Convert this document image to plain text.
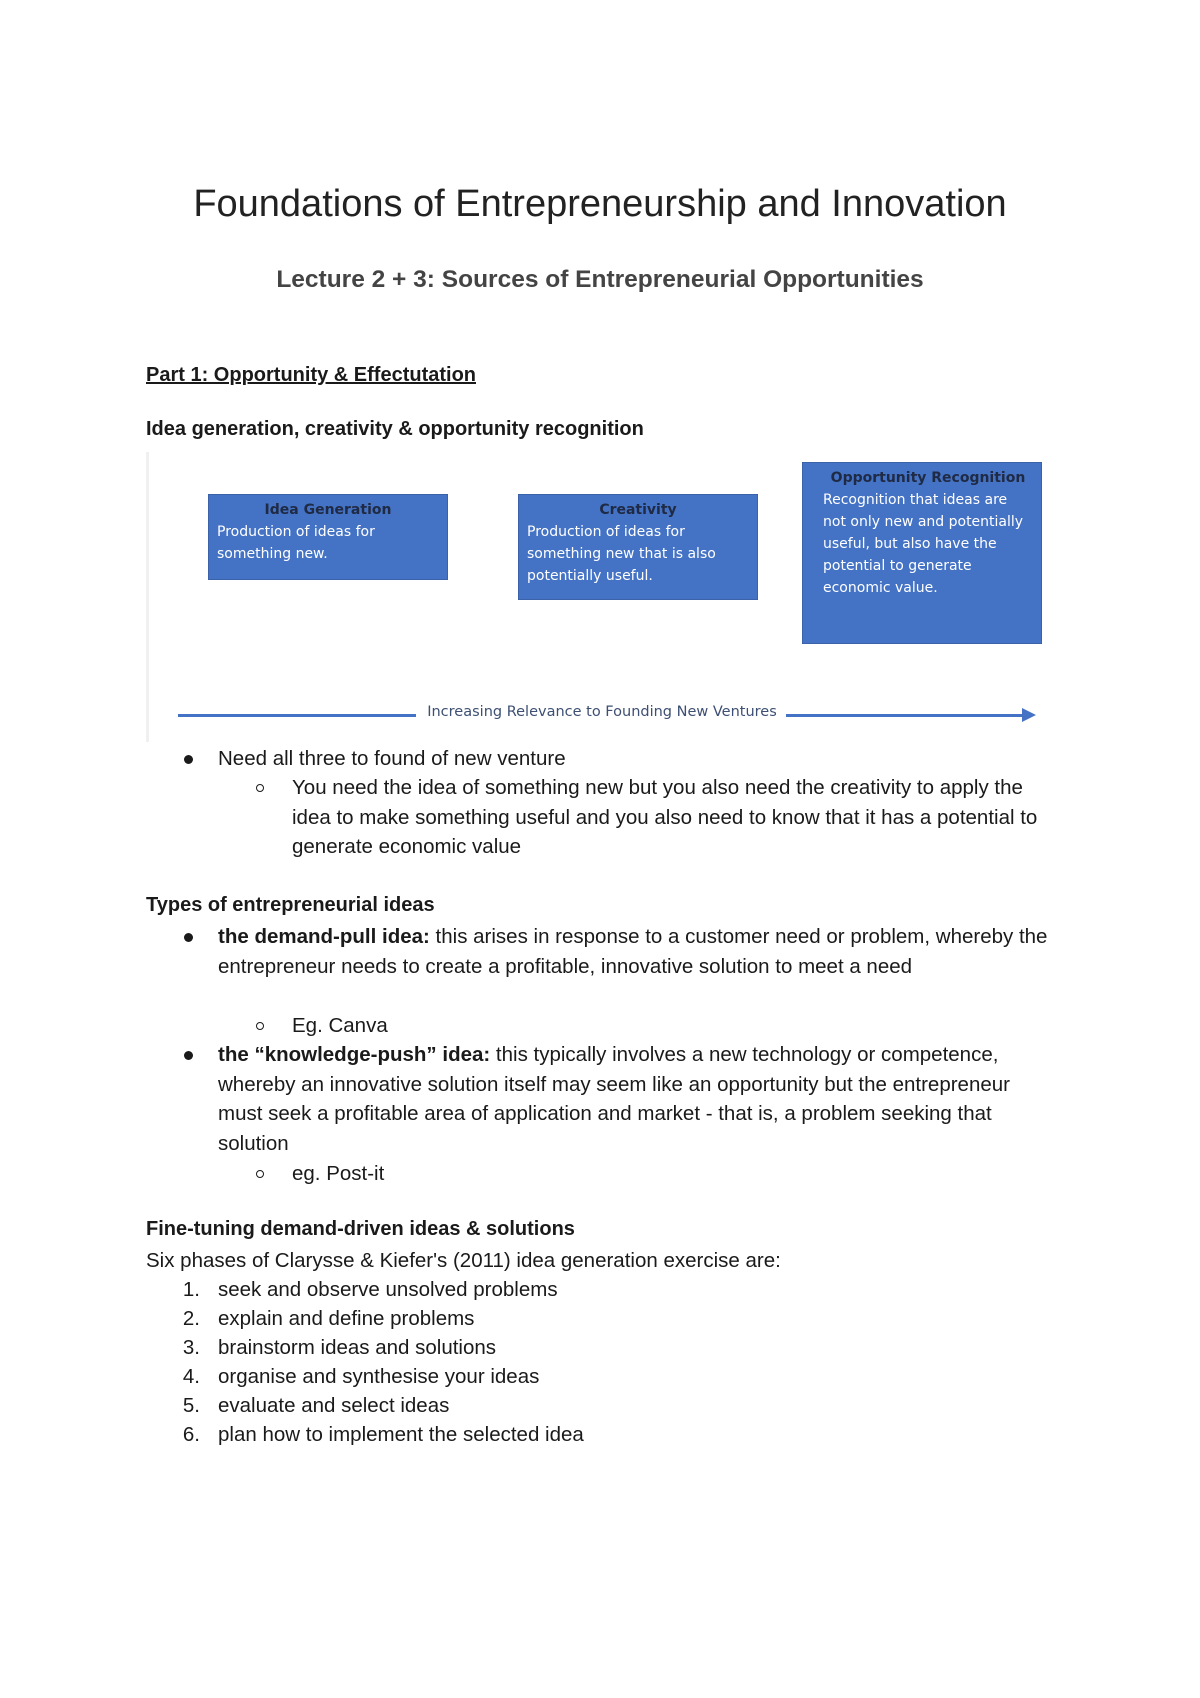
Foundations of Entrepreneurship and Innovation
Lecture 2 + 3: Sources of Entrepreneurial Opportunities

Part 1: Opportunity & Effectutation

Idea generation, creativity & opportunity recognition

Idea Generation
Production of ideas for something new.
Creativity
Production of ideas for something new that is also potentially useful.
Opportunity Recognition
Recognition that ideas are not only new and potentially useful, but also have the potential to generate economic value.
Increasing Relevance to Founding New Ventures

Need all three to found of new venture

You need the idea of something new but you also need the creativity to apply the idea to make something useful and you also need to know that it has a potential to generate economic value

Types of entrepreneurial ideas

the demand-pull idea: this arises in response to a customer need or problem, whereby the entrepreneur needs to create a profitable, innovative solution to meet a need

Eg. Canva

the “knowledge-push” idea: this typically involves a new technology or competence, whereby an innovative solution itself may seem like an opportunity but the entrepreneur must seek a profitable area of application and market - that is, a problem seeking that solution

eg. Post-it

Fine-tuning demand-driven ideas & solutions

Six phases of Clarysse & Kiefer's (2011) idea generation exercise are:

1. seek and observe unsolved problems

2. explain and define problems

3. brainstorm ideas and solutions

4. organise and synthesise your ideas

5. evaluate and select ideas

6. plan how to implement the selected idea
